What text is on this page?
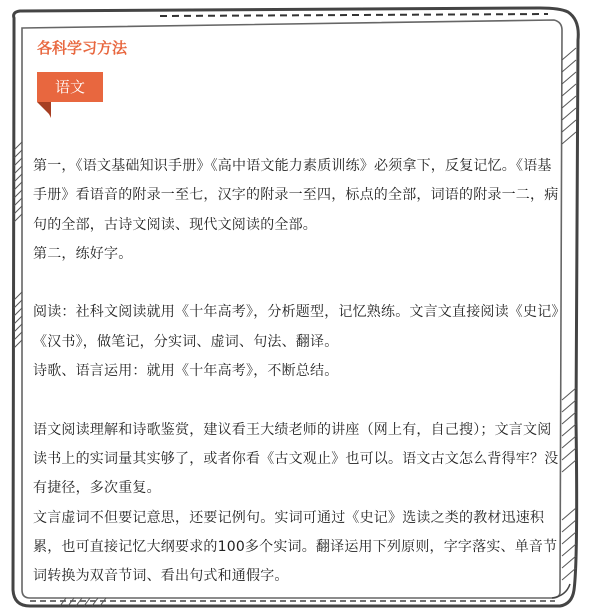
各科学习方法
语文

第一，《语文基础知识手册》《高中语文能力素质训练》必须拿下，反复记忆。《语基手册》看语音的附录一至七，汉字的附录一至四，标点的全部，词语的附录一二，病句的全部，古诗文阅读、现代文阅读的全部。

第二，练好字。

阅读：社科文阅读就用《十年高考》，分析题型，记忆熟练。文言文直接阅读《史记》《汉书》，做笔记，分实词、虚词、句法、翻译。

诗歌、语言运用：就用《十年高考》，不断总结。

语文阅读理解和诗歌鉴赏，建议看王大绩老师的讲座（网上有，自己搜）；文言文阅读书上的实词量其实够了，或者你看《古文观止》也可以。语文古文怎么背得牢？没有捷径，多次重复。

文言虚词不但要记意思，还要记例句。实词可通过《史记》选读之类的教材迅速积累，也可直接记忆大纲要求的100多个实词。翻译运用下列原则，字字落实、单音节词转换为双音节词、看出句式和通假字。
